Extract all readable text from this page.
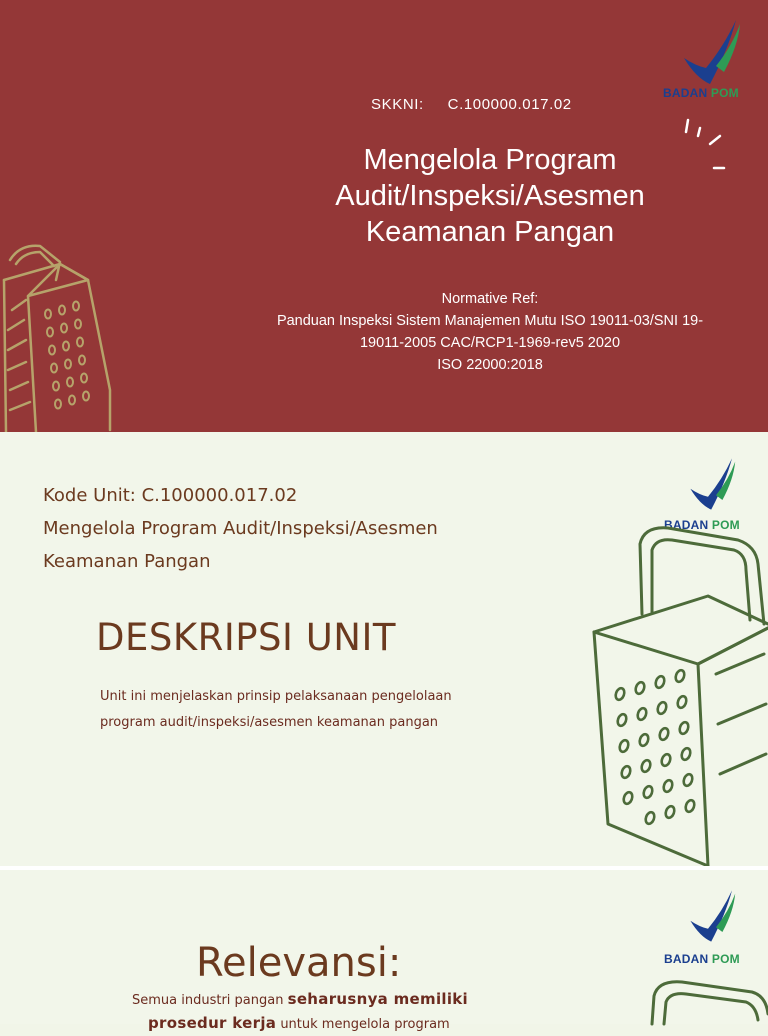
BADAN POM
SKKNI: C.100000.017.02
Mengelola Program
Audit/Inspeksi/Asesmen
Keamanan Pangan
Normative Ref:
Panduan Inspeksi Sistem Manajemen Mutu ISO 19011-03/SNI 19-
19011-2005 CAC/RCP1-1969-rev5 2020
ISO 22000:2018
BADAN POM
Kode Unit: C.100000.017.02
Mengelola Program Audit/Inspeksi/Asesmen
Keamanan Pangan
DESKRIPSI UNIT
Unit ini menjelaskan prinsip pelaksanaan pengelolaan
program audit/inspeksi/asesmen keamanan pangan
BADAN POM
Relevansi:
Semua industri pangan seharusnya memiliki
prosedur kerja untuk mengelola program
